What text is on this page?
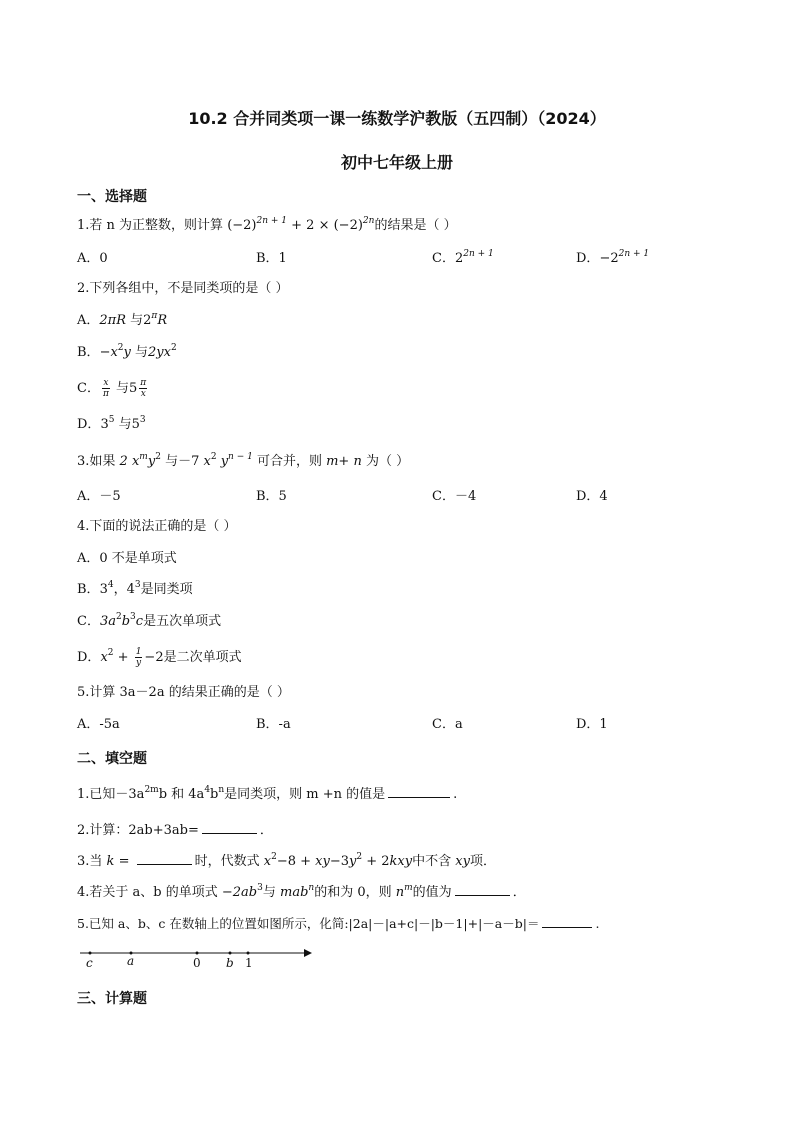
10.2 合并同类项一课一练数学沪教版（五四制）（2024）
初中七年级上册
一、选择题
1.若 n 为正整数，则计算 $(-2)^{2n + 1} + 2 \times (-2)^{2n}$的结果是（ ）
A．0	B．1	C．$2^{2n + 1}$	D．$-2^{2n + 1}$
2.下列各组中，不是同类项的是（ ）
A．2πR 与$2^\pi R$
B．$-x^2y$ 与$2yx^2$
C． $\frac{x}{\pi}$ 与$5 \frac{\pi}{x}$
D．$3^5$ 与$5^3$
3.如果 2 $x^my^2$ 与－7 $x^2$ $y^{n - 1}$ 可合并，则 m+ n 为（ ）
A．－5	B．5	C．－4	D．4
4.下面的说法正确的是（ ）
A．0 不是单项式
B．$3^4$，$4^3$是同类项
C．$3a^2b^3c$是五次单项式
D．$x^2 + \frac{1}{y} -2$是二次单项式
5.计算 3a－2a 的结果正确的是（ ）
A．-5a	B．-a	C．a	D．1
二、填空题
1.已知$-3a^{2m}b$ 和 $4a^4b^n$是同类项，则 m +n 的值是	.
2.计算：2ab+3ab=	．
3.当 k =	时，代数式 $x^2-8 + xy-3y^2 + 2kxy$中不含 xy项．
4.若关于 a、b 的单项式 $-2ab^3$与 mab$^n$的和为 0，则 $n^m$的值为	．
5.已知 a、b、c 在数轴上的位置如图所示，化简:|2a|－|a+c|－|b－1|+|－a－b|＝	.
c	a	0 b 1
三、计算题
